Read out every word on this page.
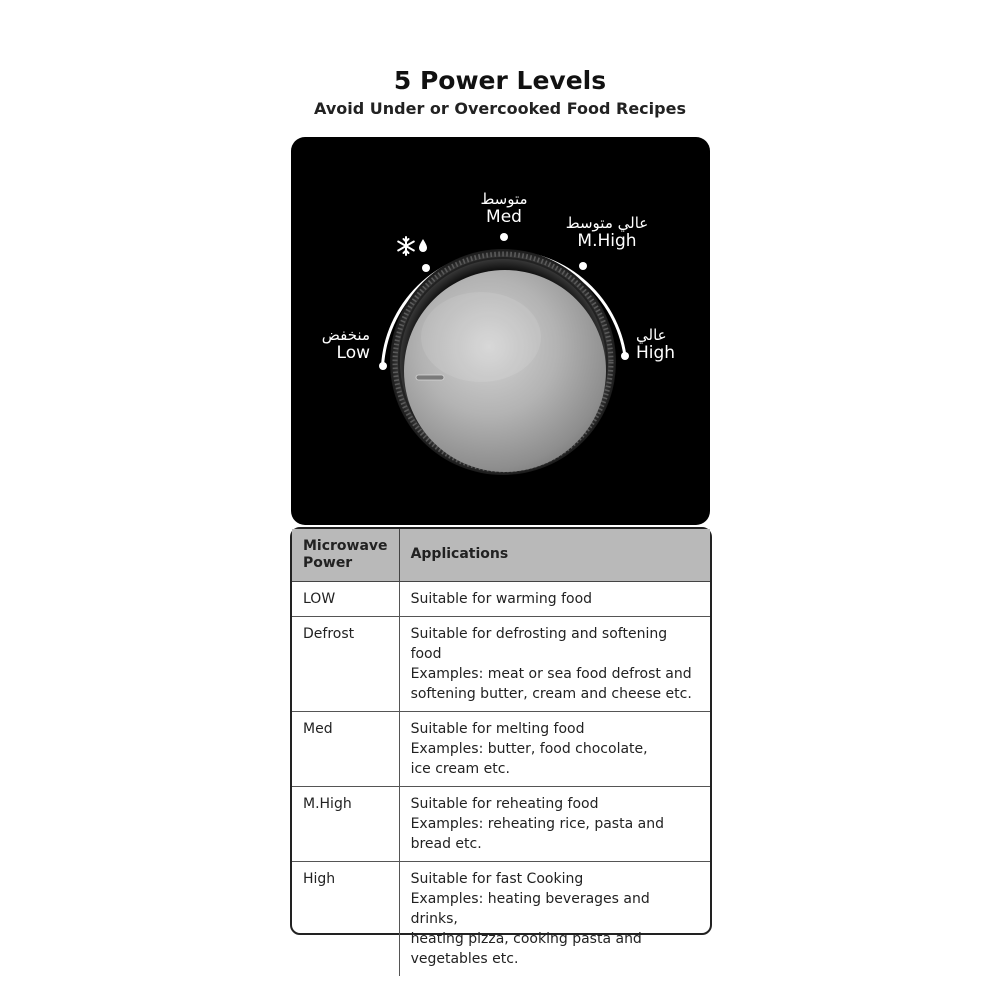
5 Power Levels
Avoid Under or Overcooked Food Recipes
منخفض
Low
متوسط
Med	عالي متوسط
M.High
عالي
High
Microwave
Power	Applications
LOW	Suitable for warming food

Defrost	Suitable for defrosting and softening food
Examples: meat or sea food defrost and
softening butter, cream and cheese etc.

Med	Suitable for melting food
Examples: butter, food chocolate,
ice cream etc.

M.High	Suitable for reheating food
Examples: reheating rice, pasta and
bread etc.

High	Suitable for fast Cooking
Examples: heating beverages and drinks,
heating pizza, cooking pasta and
vegetables etc.
